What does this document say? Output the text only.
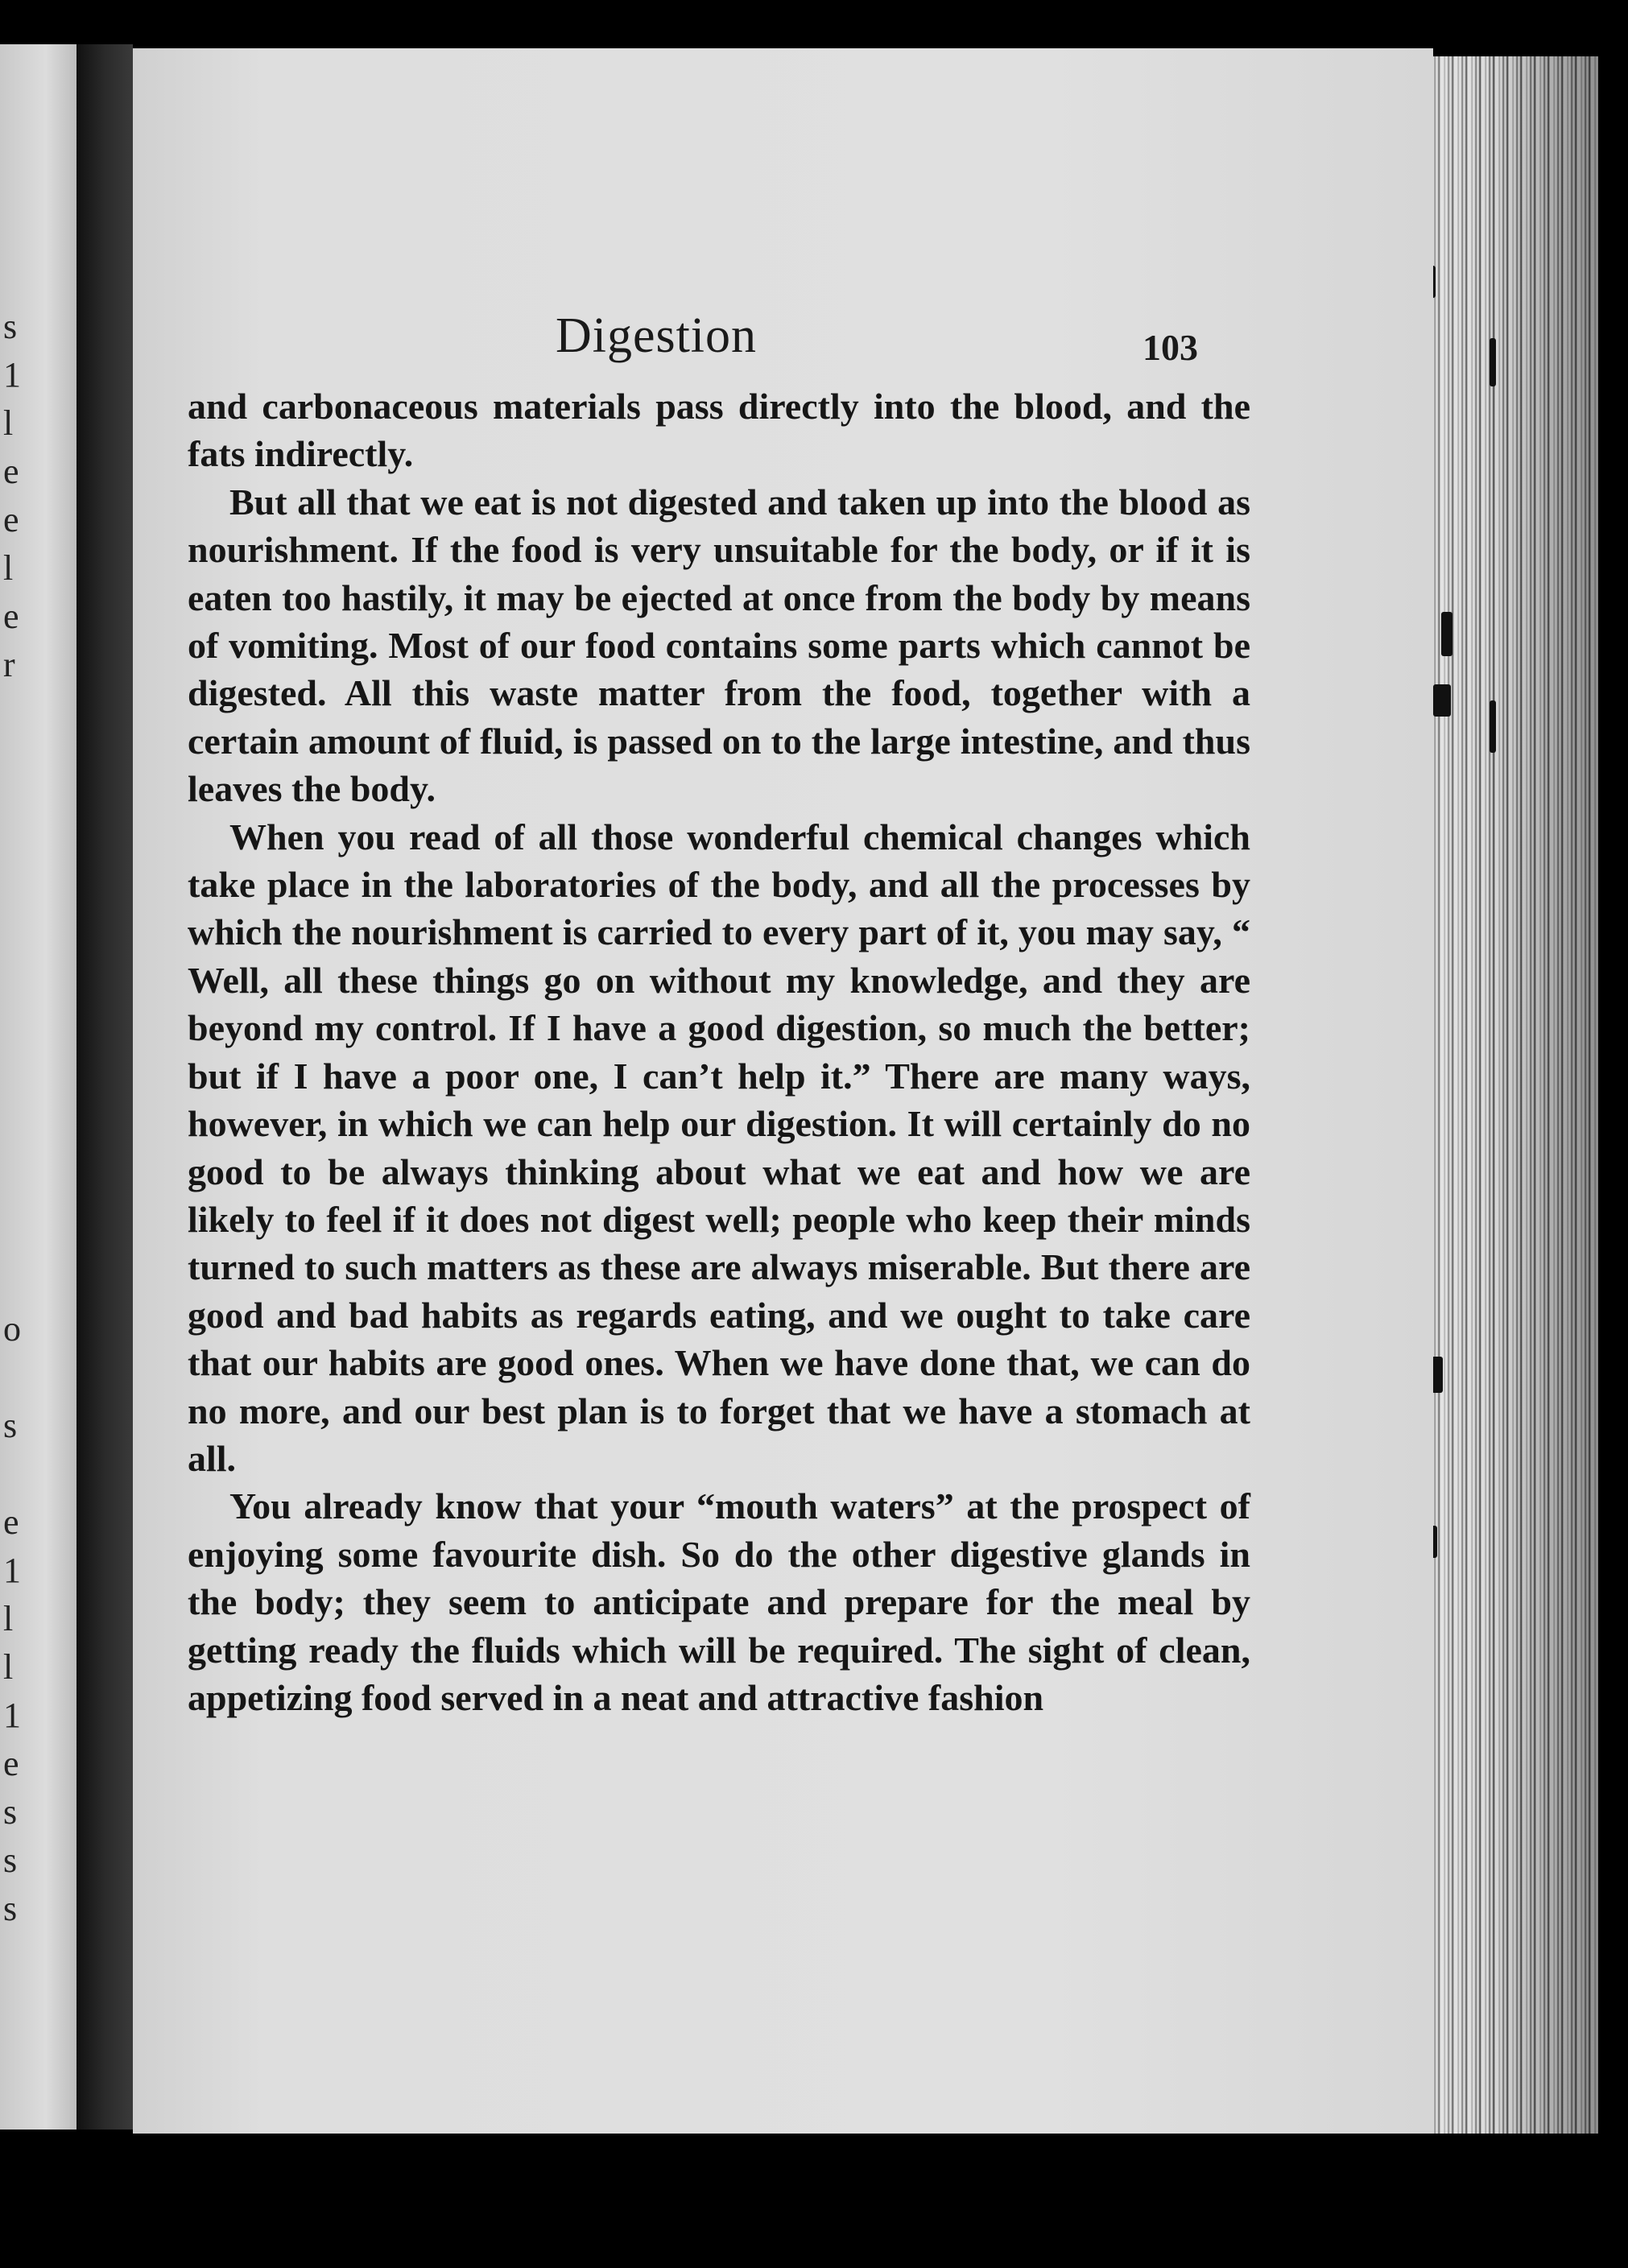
s
1
l
e
e
l
e
r
o
s
e
1
l
l
1
e
s
s
s
Digestion	103

and carbonaceous materials pass directly into the blood, and the fats indirectly.

But all that we eat is not digested and taken up into the blood as nourishment. If the food is very unsuitable for the body, or if it is eaten too hastily, it may be ejected at once from the body by means of vomiting. Most of our food contains some parts which cannot be digested. All this waste matter from the food, together with a certain amount of fluid, is passed on to the large intestine, and thus leaves the body.

When you read of all those wonderful chemical changes which take place in the laboratories of the body, and all the processes by which the nourishment is carried to every part of it, you may say, “ Well, all these things go on without my knowledge, and they are beyond my control. If I have a good digestion, so much the better; but if I have a poor one, I can’t help it.” There are many ways, however, in which we can help our digestion. It will certainly do no good to be always thinking about what we eat and how we are likely to feel if it does not digest well; people who keep their minds turned to such matters as these are always miserable. But there are good and bad habits as regards eating, and we ought to take care that our habits are good ones. When we have done that, we can do no more, and our best plan is to forget that we have a stomach at all.

You already know that your “mouth waters” at the prospect of enjoying some favourite dish. So do the other digestive glands in the body; they seem to anticipate and prepare for the meal by getting ready the fluids which will be required. The sight of clean, appetizing food served in a neat and attractive fashion
